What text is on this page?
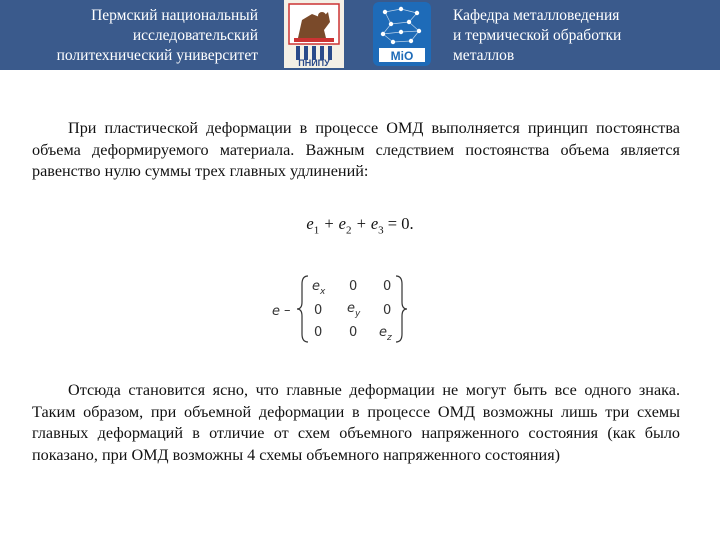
Пермский национальный
исследовательский
политехнический университет	ПНИПУ	MiO
Кафедра металловедения
и термической обработки
металлов
При пластической деформации в процессе ОМД выполняется принцип постоянства объема деформируемого материала. Важным следствием постоянства объема является равенство нулю суммы трех главных удлинений:
$e_1 + e_2 + e_3 = 0$.
e –
e x 0 0
0 e y 0
0 0 e z
Отсюда становится ясно, что главные деформации не могут быть все одного знака. Таким образом, при объемной деформации в процессе ОМД возможны лишь три схемы главных деформаций в отличие от схем объемного напряженного состояния (как было показано, при ОМД возможны 4 схемы объемного напряженного состояния)
